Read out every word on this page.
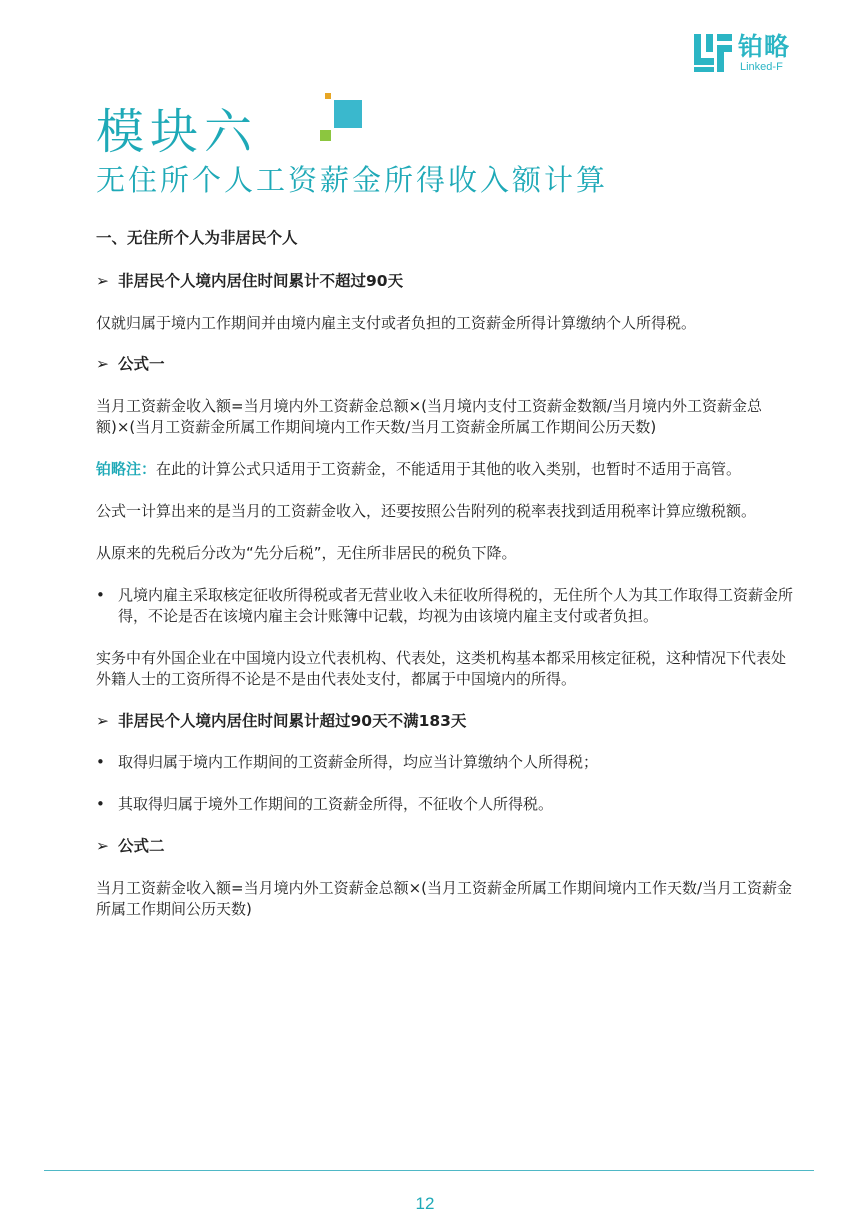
铂略
Linked-F
模块六
无住所个人工资薪金所得收入额计算

一、无住所个人为非居民个人

➢ 非居民个人境内居住时间累计不超过90天

仅就归属于境内工作期间并由境内雇主支付或者负担的工资薪金所得计算缴纳个人所得税。

➢ 公式一

当月工资薪金收入额=当月境内外工资薪金总额×(当月境内支付工资薪金数额/当月境内外工资薪金总额)×(当月工资薪金所属工作期间境内工作天数/当月工资薪金所属工作期间公历天数)

铂略注：在此的计算公式只适用于工资薪金，不能适用于其他的收入类别，也暂时不适用于高管。

公式一计算出来的是当月的工资薪金收入，还要按照公告附列的税率表找到适用税率计算应缴税额。

从原来的先税后分改为“先分后税”，无住所非居民的税负下降。

• 凡境内雇主采取核定征收所得税或者无营业收入未征收所得税的，无住所个人为其工作取得工资薪金所得，不论是否在该境内雇主会计账簿中记载，均视为由该境内雇主支付或者负担。

实务中有外国企业在中国境内设立代表机构、代表处，这类机构基本都采用核定征税，这种情况下代表处外籍人士的工资所得不论是不是由代表处支付，都属于中国境内的所得。

➢ 非居民个人境内居住时间累计超过90天不满183天

• 取得归属于境内工作期间的工资薪金所得，均应当计算缴纳个人所得税；

• 其取得归属于境外工作期间的工资薪金所得，不征收个人所得税。

➢ 公式二

当月工资薪金收入额=当月境内外工资薪金总额×(当月工资薪金所属工作期间境内工作天数/当月工资薪金所属工作期间公历天数)

12
